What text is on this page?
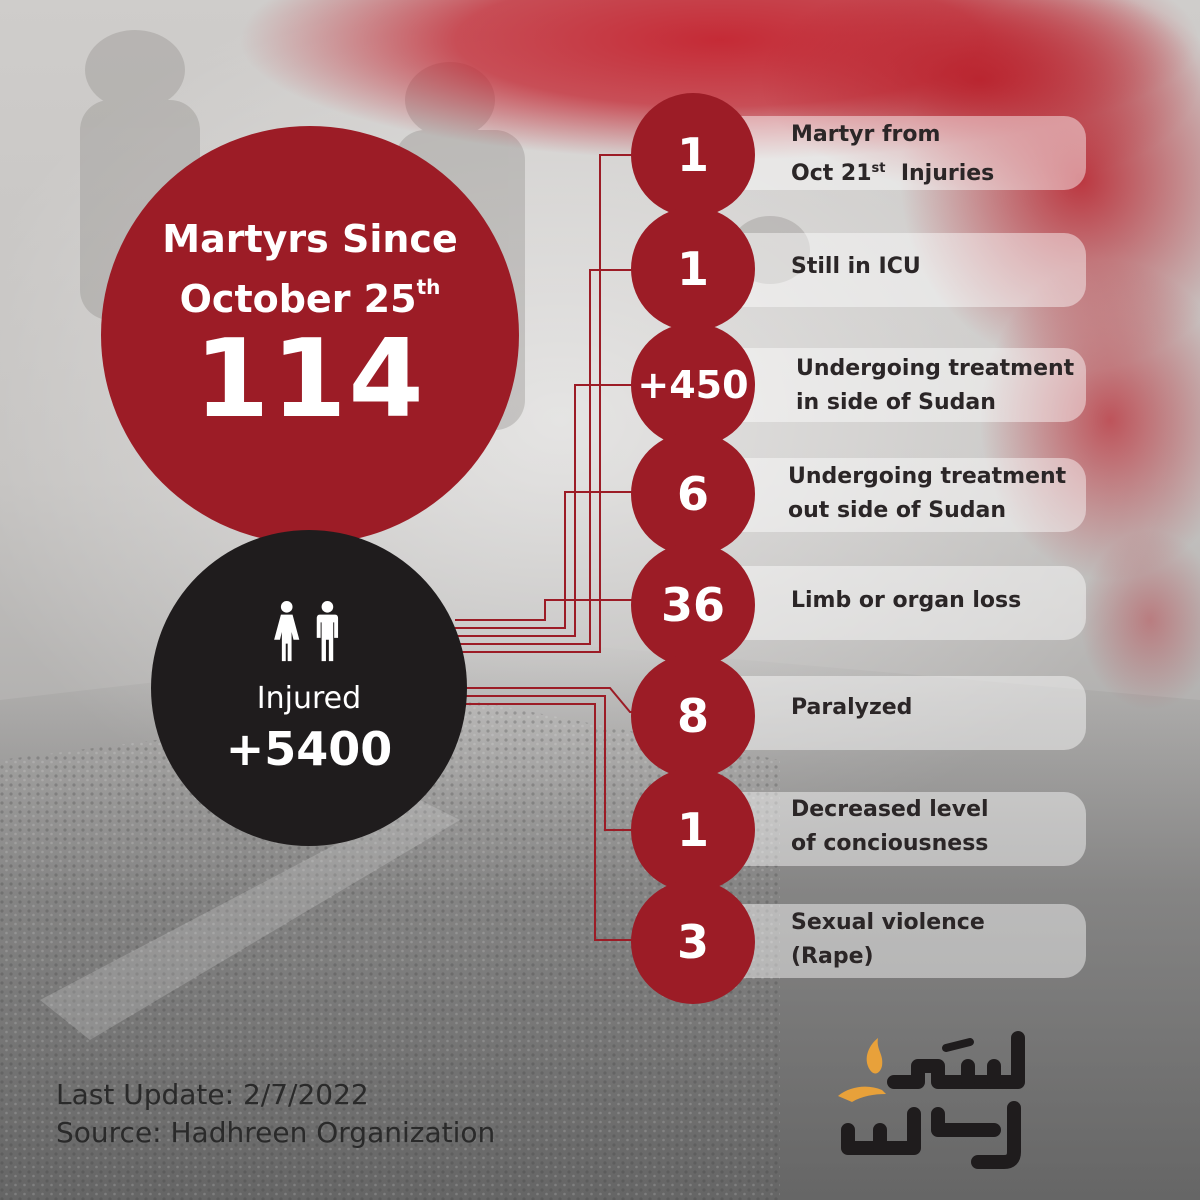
Martyrs Since
October 25th
114
Injured
+5400
1	Martyr from
Oct 21st  Injuries
1	Still in ICU
+450 Undergoing treatment
in side of Sudan
6	Undergoing treatment
out side of Sudan
36	Limb or organ loss
8	Paralyzed
1	Decreased level
of conciousness
3	Sexual violence
(Rape)
Last Update: 2/7/2022
Source: Hadhreen Organization
